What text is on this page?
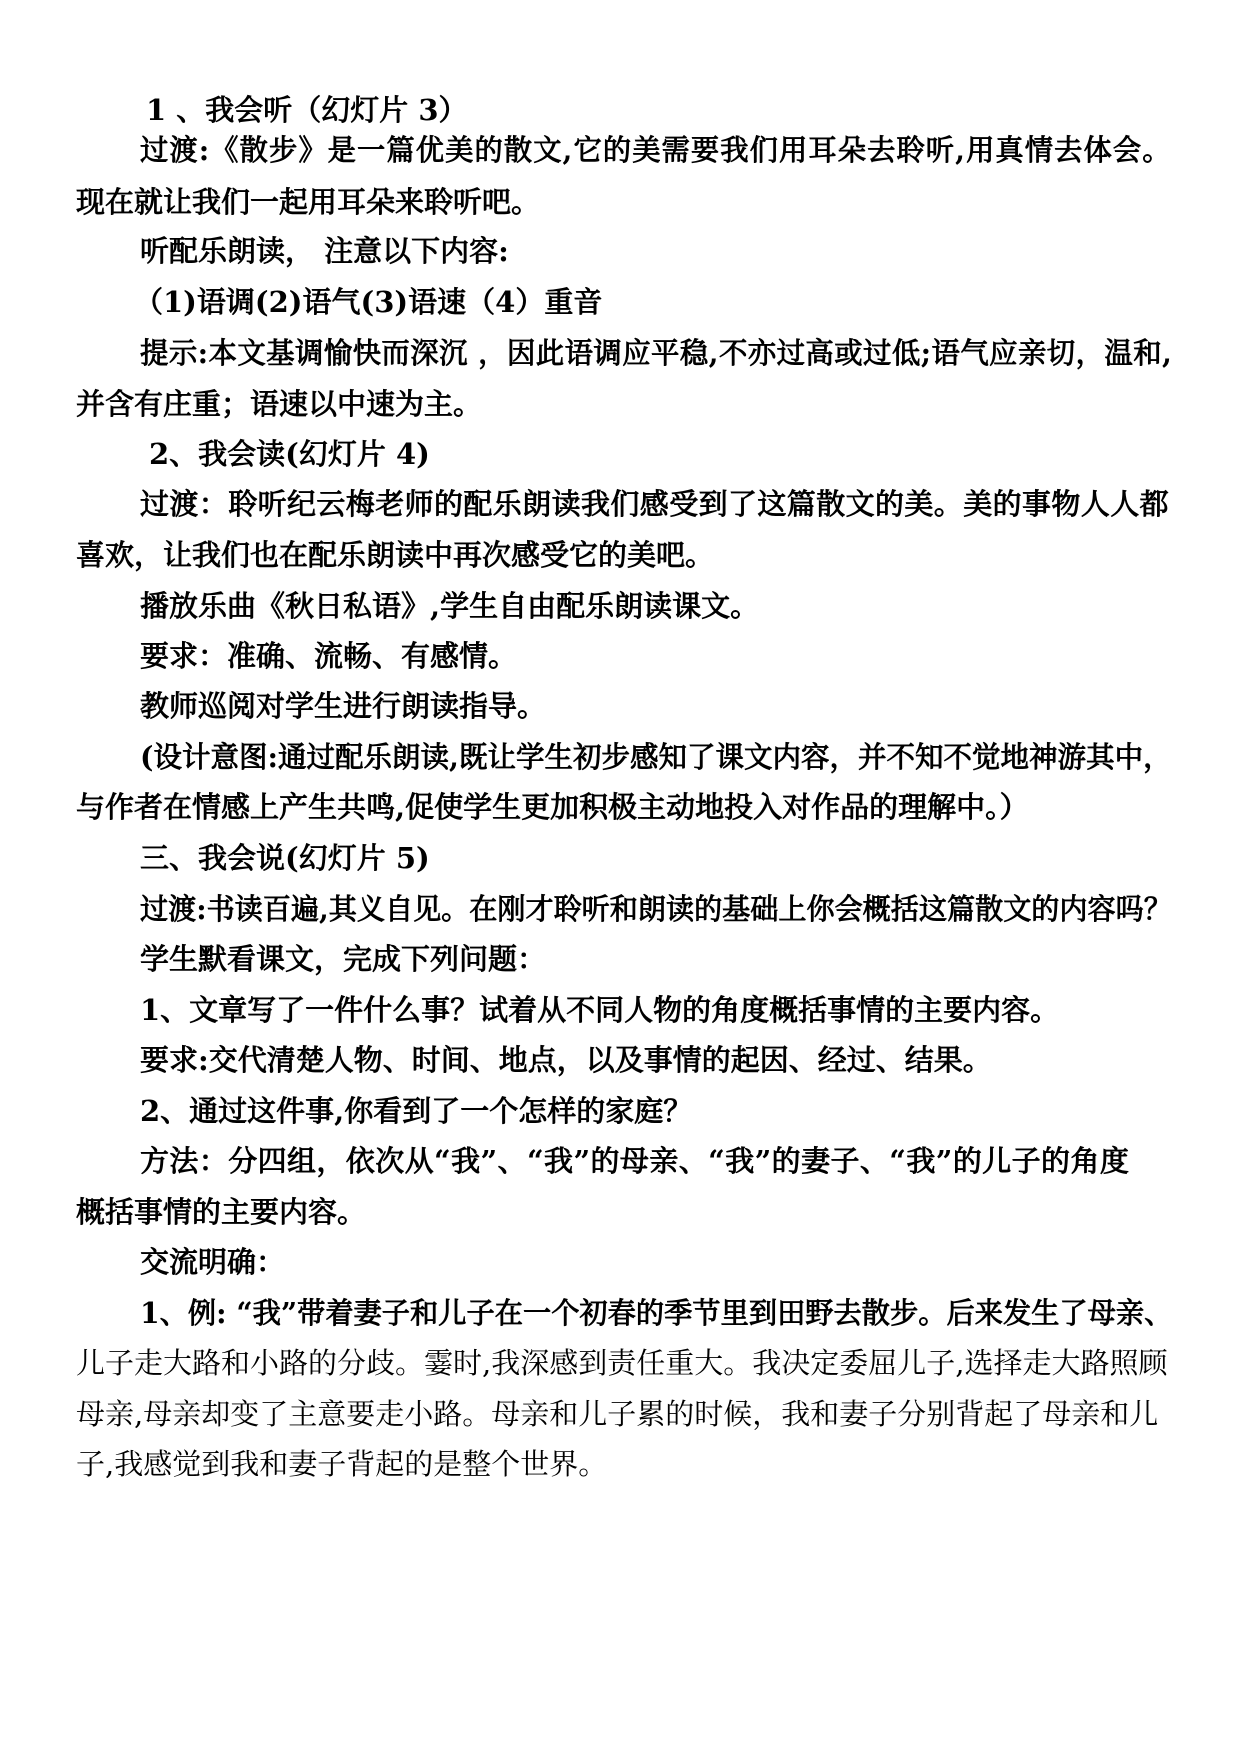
1 、我会听（幻灯片 3）

过渡:《散步》是一篇优美的散文,它的美需要我们用耳朵去聆听,用真情去体会。

现在就让我们一起用耳朵来聆听吧。

听配乐朗读， 注意以下内容:

（1)语调(2)语气(3)语速（4）重音

提示:本文基调愉快而深沉 ，因此语调应平稳,不亦过高或过低;语气应亲切，温和,

并含有庄重；语速以中速为主。

2、我会读(幻灯片 4)

过渡：聆听纪云梅老师的配乐朗读我们感受到了这篇散文的美。美的事物人人都

喜欢，让我们也在配乐朗读中再次感受它的美吧。

播放乐曲《秋日私语》,学生自由配乐朗读课文。

要求：准确、流畅、有感情。

教师巡阅对学生进行朗读指导。

(设计意图:通过配乐朗读,既让学生初步感知了课文内容，并不知不觉地神游其中，

与作者在情感上产生共鸣,促使学生更加积极主动地投入对作品的理解中。）

三、我会说(幻灯片 5)

过渡:书读百遍,其义自见。在刚才聆听和朗读的基础上你会概括这篇散文的内容吗？

学生默看课文，完成下列问题：

1、文章写了一件什么事？试着从不同人物的角度概括事情的主要内容。

要求:交代清楚人物、时间、地点，以及事情的起因、经过、结果。

2、通过这件事,你看到了一个怎样的家庭？

方法：分四组，依次从“我”、“我”的母亲、“我”的妻子、“我”的儿子的角度

概括事情的主要内容。

交流明确：

1、例: “我”带着妻子和儿子在一个初春的季节里到田野去散步。后来发生了母亲、

儿子走大路和小路的分歧。霎时,我深感到责任重大。我决定委屈儿子,选择走大路照顾

母亲,母亲却变了主意要走小路。母亲和儿子累的时候，我和妻子分别背起了母亲和儿

子,我感觉到我和妻子背起的是整个世界。
